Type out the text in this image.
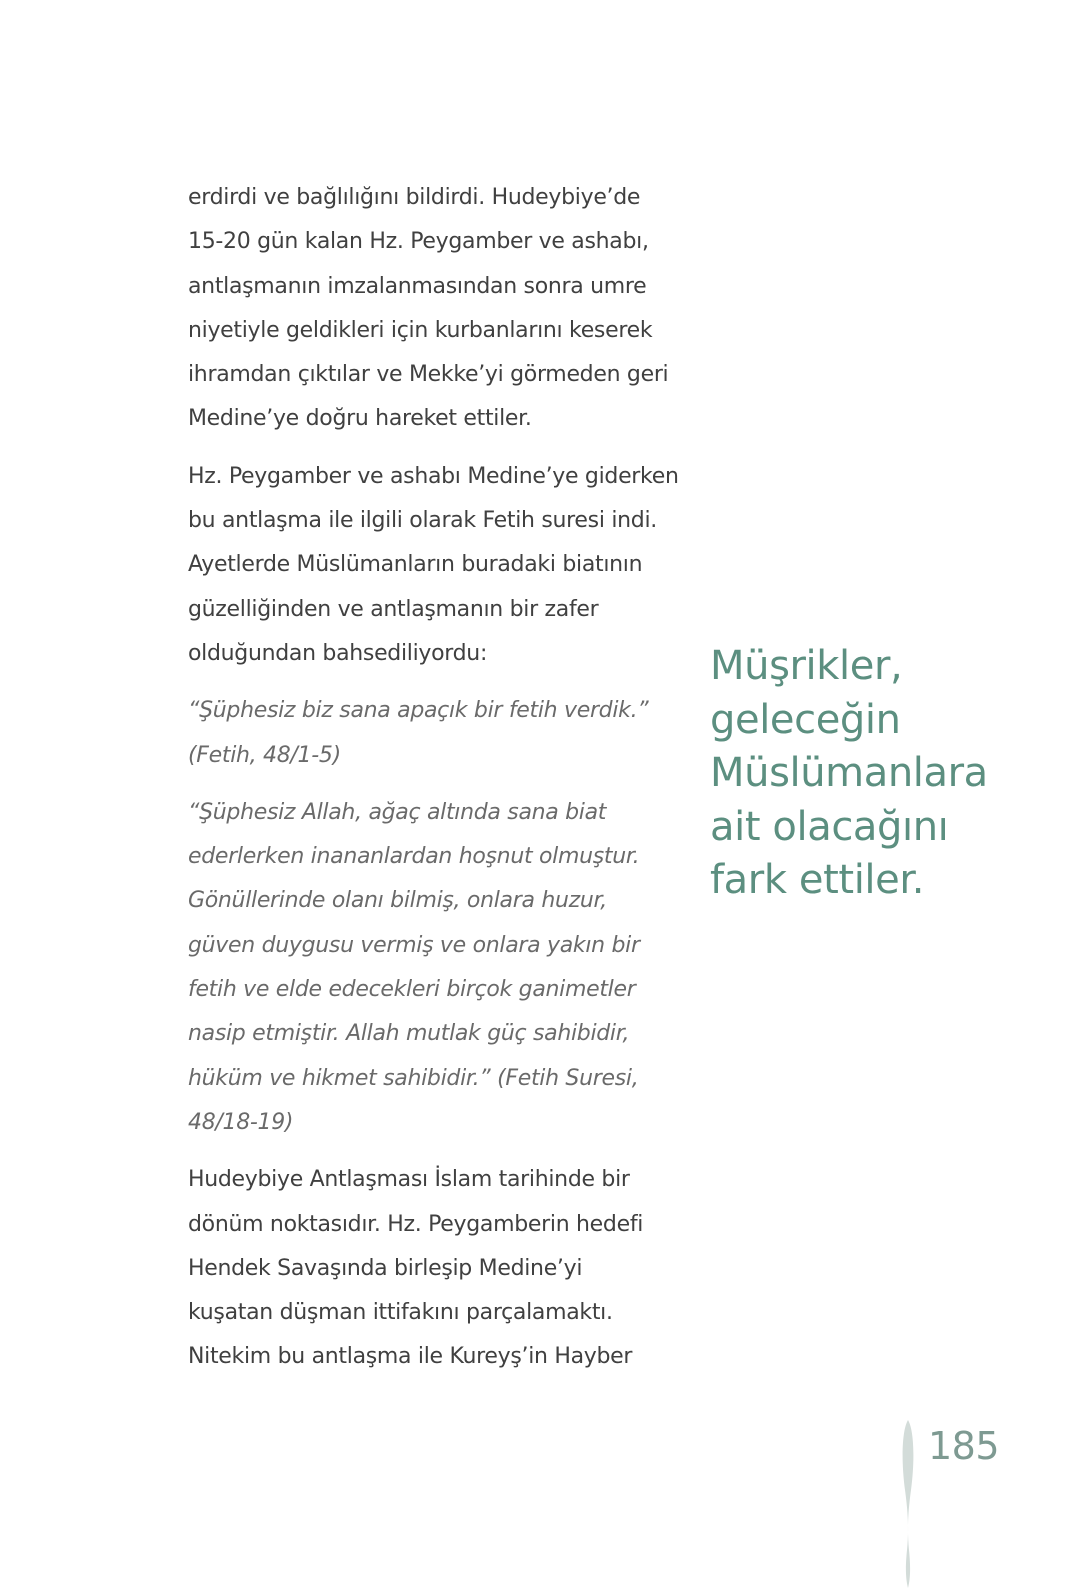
erdirdi ve bağlılığını bildirdi. Hudeybiye’de
15-20 gün kalan Hz. Peygamber ve ashabı,
antlaşmanın imzalanmasından sonra umre
niyetiyle geldikleri için kurbanlarını keserek
ihramdan çıktılar ve Mekke’yi görmeden geri
Medine’ye doğru hareket ettiler.

Hz. Peygamber ve ashabı Medine’ye giderken
bu antlaşma ile ilgili olarak Fetih suresi indi.
Ayetlerde Müslümanların buradaki biatının
güzelliğinden ve antlaşmanın bir zafer
olduğundan bahsediliyordu:

“Şüphesiz biz sana apaçık bir fetih verdik.”
(Fetih, 48/1-5)

“Şüphesiz Allah, ağaç altında sana biat
ederlerken inananlardan hoşnut olmuştur.
Gönüllerinde olanı bilmiş, onlara huzur,
güven duygusu vermiş ve onlara yakın bir
fetih ve elde edecekleri birçok ganimetler
nasip etmiştir. Allah mutlak güç sahibidir,
hüküm ve hikmet sahibidir.” (Fetih Suresi,
48/18-19)

Hudeybiye Antlaşması İslam tarihinde bir
dönüm noktasıdır. Hz. Peygamberin hedefi
Hendek Savaşında birleşip Medine’yi
kuşatan düşman ittifakını parçalamaktı.
Nitekim bu antlaşma ile Kureyş’in Hayber

Müşrikler,
geleceğin
Müslümanlara
ait olacağını
fark ettiler.

185
